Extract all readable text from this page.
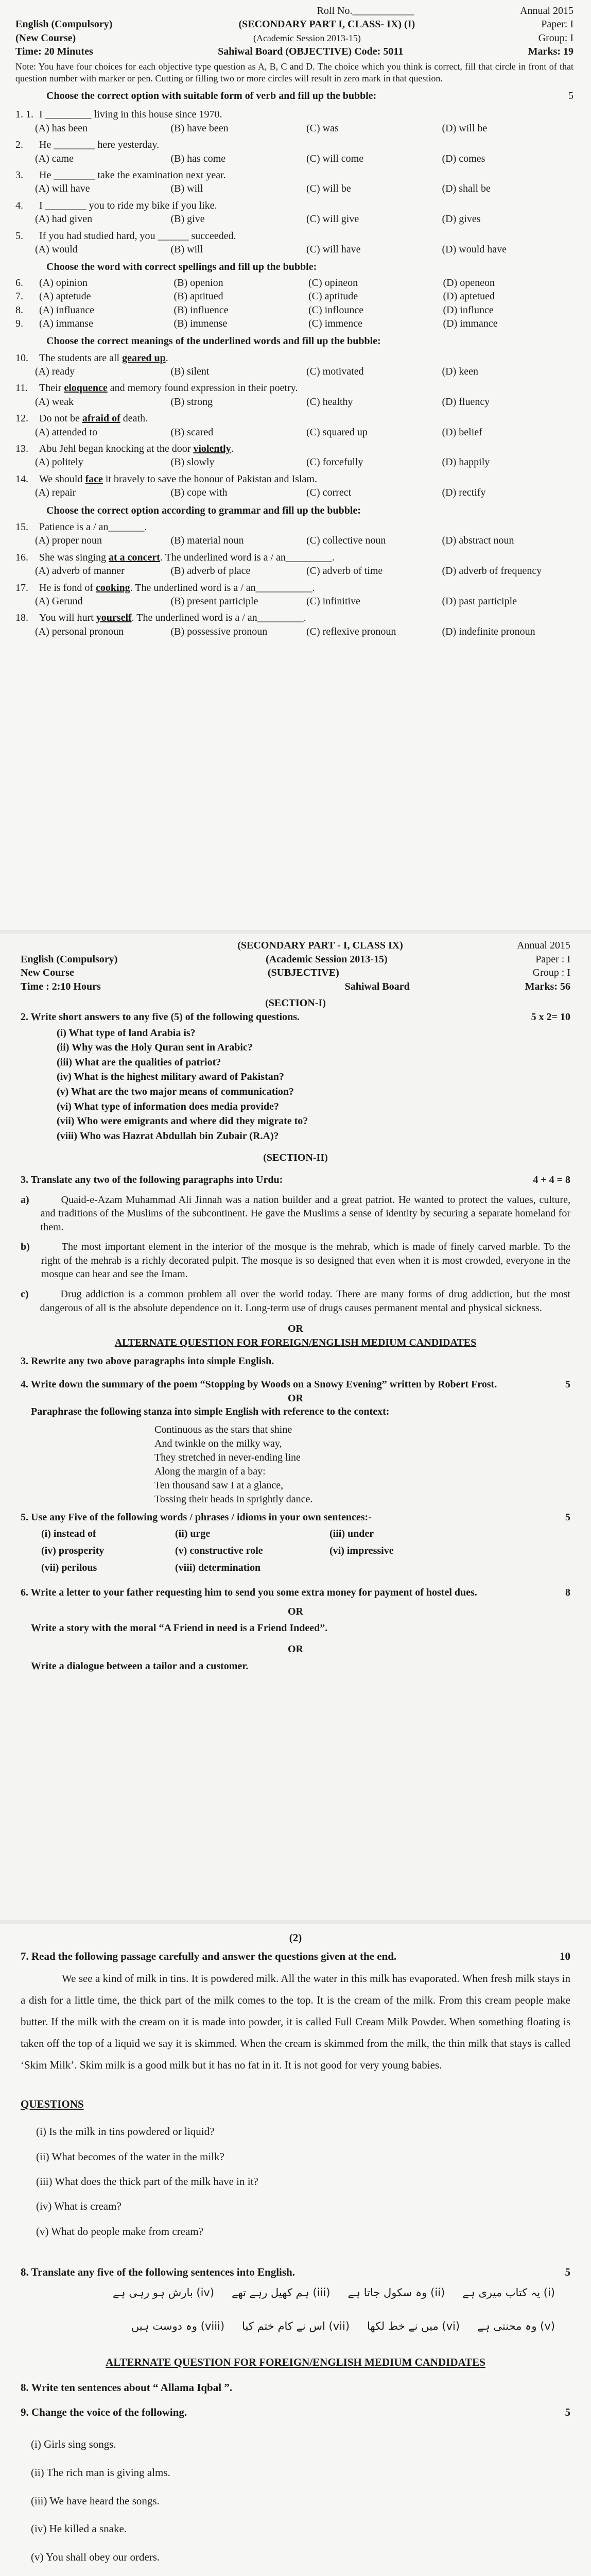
Roll No.____________	Annual 2015
English (Compulsory)	(SECONDARY PART I, CLASS- IX) (I)	Paper: I
(New Course)	(Academic Session 2013-15)	Group: I
Time: 20 Minutes	Sahiwal Board (OBJECTIVE) Code: 5011	Marks: 19
Note: You have four choices for each objective type question as A, B, C and D. The choice which you think is correct, fill that circle in front of that question number with marker or pen. Cutting or filling two or more circles will result in zero mark in that question.
Choose the correct option with suitable form of verb and fill up the bubble:	5
1. 1. I _________ living in this house since 1970.
(A) has been	(B) have been	(C) was	(D) will be
2.	He ________ here yesterday.
(A) came	(B) has come	(C) will come	(D) comes
3.	He ________ take the examination next year.
(A) will have	(B) will	(C) will be	(D) shall be
4.	I ________ you to ride my bike if you like.
(A) had given	(B) give	(C) will give	(D) gives
5.	If you had studied hard, you ______ succeeded.
(A) would	(B) will	(C) will have	(D) would have
Choose the word with correct spellings and fill up the bubble:
6.	(A) opinion	(B) openion	(C) opineon	(D) openeon
7.	(A) aptetude	(B) aptitued	(C) aptitude	(D) aptetued
8.	(A) influance	(B) influence	(C) inflounce	(D) influnce
9.	(A) immanse	(B) immense	(C) immence	(D) immance
Choose the correct meanings of the underlined words and fill up the bubble:
10.	The students are all geared up.
(A) ready	(B) silent	(C) motivated	(D) keen
11.	Their eloquence and memory found expression in their poetry.
(A) weak	(B) strong	(C) healthy	(D) fluency
12.	Do not be afraid of death.
(A) attended to	(B) scared	(C) squared up	(D) belief
13.	Abu Jehl began knocking at the door violently.
(A) politely	(B) slowly	(C) forcefully	(D) happily
14.	We should face it bravely to save the honour of Pakistan and Islam.
(A) repair	(B) cope with	(C) correct	(D) rectify
Choose the correct option according to grammar and fill up the bubble:
15.	Patience is a / an_______.
(A) proper noun	(B) material noun	(C) collective noun	(D) abstract noun
16.	She was singing at a concert. The underlined word is a / an_________.
(A) adverb of manner	(B) adverb of place	(C) adverb of time	(D) adverb of frequency
17.	He is fond of cooking. The underlined word is a / an___________.
(A) Gerund	(B) present participle	(C) infinitive	(D) past participle
18.	You will hurt yourself. The underlined word is a / an_________.
(A) personal pronoun	(B) possessive pronoun	(C) reflexive pronoun	(D) indefinite pronoun
(SECONDARY PART - I, CLASS IX)	Annual 2015
English (Compulsory)	(Academic Session 2013-15)	Paper : I
New Course	(SUBJECTIVE)	Group : I
Time : 2:10 Hours	Sahiwal Board	Marks: 56
(SECTION-I)
2. Write short answers to any five (5) of the following questions.	5 x 2= 10
(i) What type of land Arabia is?
(ii) Why was the Holy Quran sent in Arabic?
(iii) What are the qualities of patriot?
(iv) What is the highest military award of Pakistan?
(v) What are the two major means of communication?
(vi) What type of information does media provide?
(vii) Who were emigrants and where did they migrate to?
(viii) Who was Hazrat Abdullah bin Zubair (R.A)?
(SECTION-II)
3. Translate any two of the following paragraphs into Urdu:	4 + 4 = 8
a)	Quaid-e-Azam Muhammad Ali Jinnah was a nation builder and a great patriot. He wanted to protect the values, culture, and traditions of the Muslims of the subcontinent. He gave the Muslims a sense of identity by securing a separate homeland for them.
b)	The most important element in the interior of the mosque is the mehrab, which is made of finely carved marble. To the right of the mehrab is a richly decorated pulpit. The mosque is so designed that even when it is most crowded, everyone in the mosque can hear and see the Imam.
c)	Drug addiction is a common problem all over the world today. There are many forms of drug addiction, but the most dangerous of all is the absolute dependence on it. Long-term use of drugs causes permanent mental and physical sickness.
OR
ALTERNATE QUESTION FOR FOREIGN/ENGLISH MEDIUM CANDIDATES
3. Rewrite any two above paragraphs into simple English.
4. Write down the summary of the poem “Stopping by Woods on a Snowy Evening” written by Robert Frost.	5
OR
Paraphrase the following stanza into simple English with reference to the context:
Continuous as the stars that shine
And twinkle on the milky way,
They stretched in never-ending line
Along the margin of a bay:
Ten thousand saw I at a glance,
Tossing their heads in sprightly dance.
5. Use any Five of the following words / phrases / idioms in your own sentences:-	5
(i) instead of	(ii) urge	(iii) under
(iv) prosperity	(v) constructive role	(vi) impressive
(vii) perilous	(viii) determination
6. Write a letter to your father requesting him to send you some extra money for payment of hostel dues.	8
OR
Write a story with the moral “A Friend in need is a Friend Indeed”.
OR
Write a dialogue between a tailor and a customer.
(2)
7. Read the following passage carefully and answer the questions given at the end.	10
We see a kind of milk in tins. It is powdered milk. All the water in this milk has evaporated. When fresh milk stays in a dish for a little time, the thick part of the milk comes to the top. It is the cream of the milk. From this cream people make butter. If the milk with the cream on it is made into powder, it is called Full Cream Milk Powder. When something floating is taken off the top of a liquid we say it is skimmed. When the cream is skimmed from the milk, the thin milk that stays is called ‘Skim Milk’. Skim milk is a good milk but it has no fat in it. It is not good for very young babies.
QUESTIONS
(i) Is the milk in tins powdered or liquid?
(ii) What becomes of the water in the milk?
(iii) What does the thick part of the milk have in it?
(iv) What is cream?
(v) What do people make from cream?
8. Translate any five of the following sentences into English.	5
(i) یہ کتاب میری ہے
(ii) وہ سکول جاتا ہے
(iii) ہم کھیل رہے تھے
(iv) بارش ہو رہی ہے
(v) وہ محنتی ہے
(vi) میں نے خط لکھا
(vii) اس نے کام ختم کیا
(viii) وہ دوست ہیں
ALTERNATE QUESTION FOR FOREIGN/ENGLISH MEDIUM CANDIDATES
8. Write ten sentences about “ Allama Iqbal ”.
9. Change the voice of the following.	5
(i) Girls sing songs.
(ii) The rich man is giving alms.
(iii) We have heard the songs.
(iv) He killed a snake.
(v) You shall obey our orders.
